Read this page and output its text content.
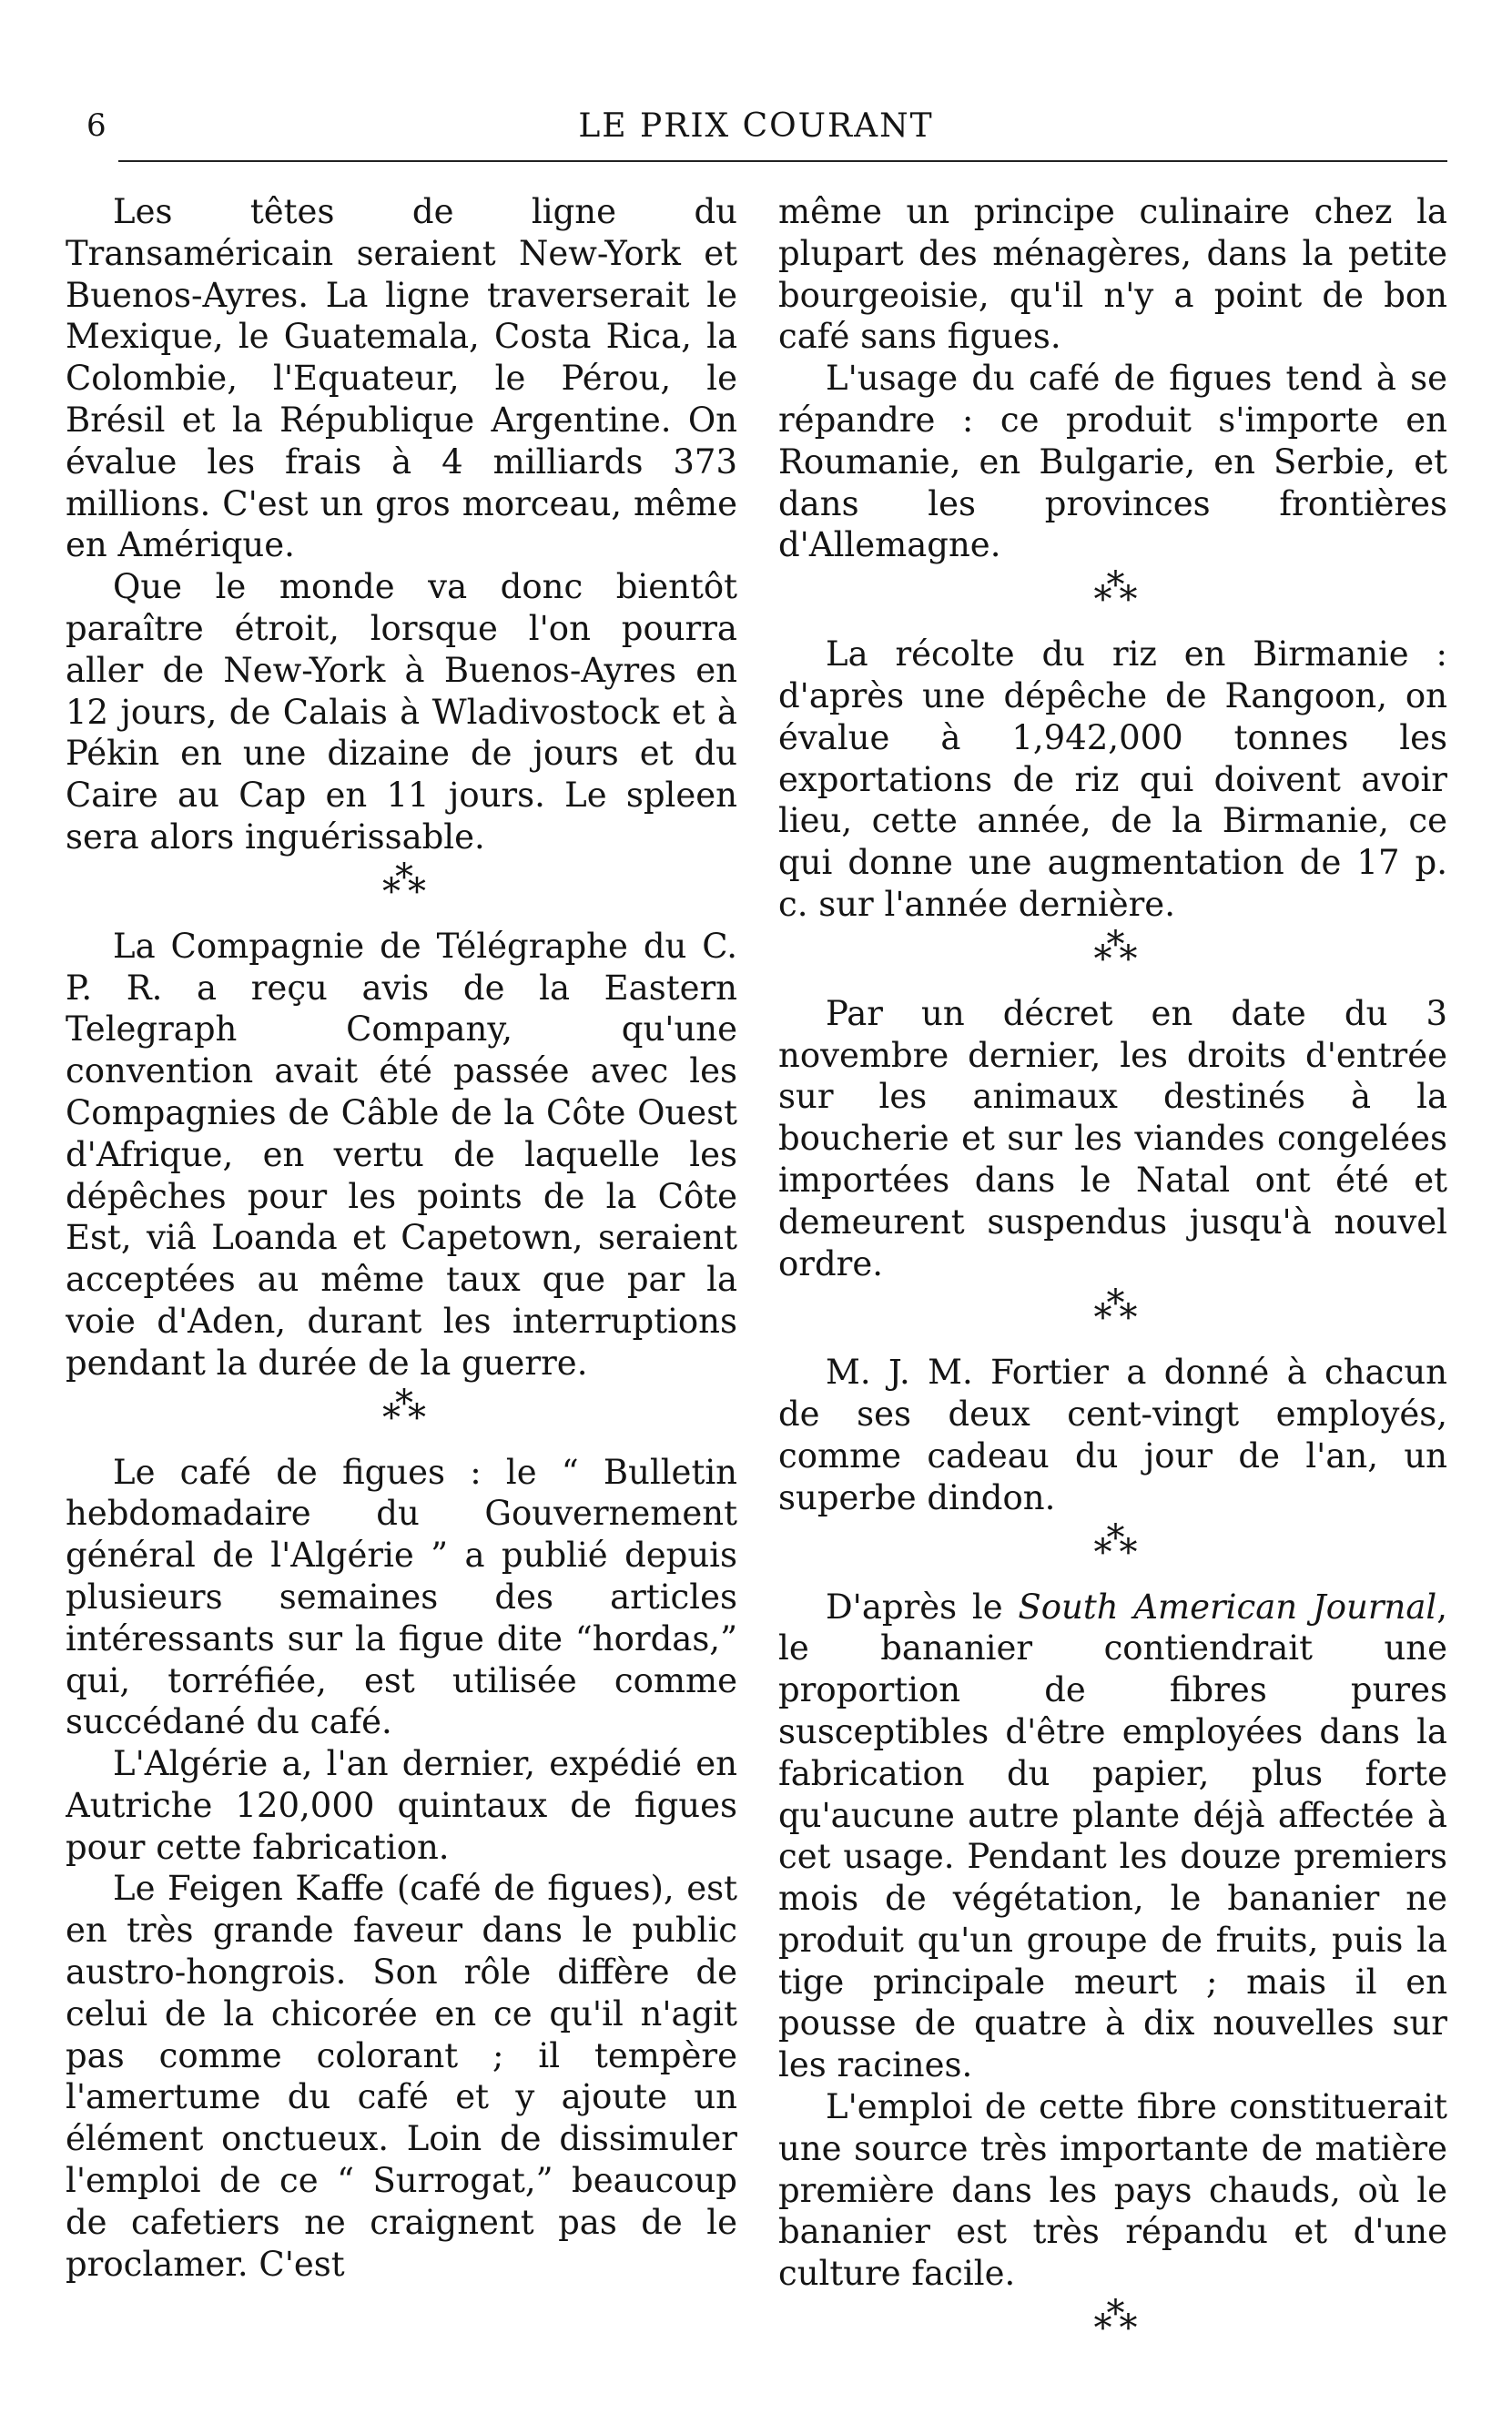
6	LE PRIX COURANT

Les têtes de ligne du Transaméricain seraient New-York et Buenos-Ayres. La ligne traverserait le Mexique, le Guatemala, Costa Rica, la Colombie, l'Equateur, le Pérou, le Brésil et la République Argentine. On évalue les frais à 4 milliards 373 millions. C'est un gros morceau, même en Amérique.

Que le monde va donc bientôt paraître étroit, lorsque l'on pourra aller de New-York à Buenos-Ayres en 12 jours, de Calais à Wladivostock et à Pékin en une dizaine de jours et du Caire au Cap en 11 jours. Le spleen sera alors inguérissable.

***

La Compagnie de Télégraphe du C. P. R. a reçu avis de la Eastern Telegraph Company, qu'une convention avait été passée avec les Compagnies de Câble de la Côte Ouest d'Afrique, en vertu de laquelle les dépêches pour les points de la Côte Est, viâ Loanda et Capetown, seraient acceptées au même taux que par la voie d'Aden, durant les interruptions pendant la durée de la guerre.

***

Le café de figues : le “ Bulletin hebdomadaire du Gouvernement général de l'Algérie ” a publié depuis plusieurs semaines des articles intéressants sur la figue dite “hordas,” qui, torréfiée, est utilisée comme succédané du café.

L'Algérie a, l'an dernier, expédié en Autriche 120,000 quintaux de figues pour cette fabrication.

Le Feigen Kaffe (café de figues), est en très grande faveur dans le public austro-hongrois. Son rôle diffère de celui de la chicorée en ce qu'il n'agit pas comme colorant ; il tempère l'amertume du café et y ajoute un élément onctueux. Loin de dissimuler l'emploi de ce “ Surrogat,” beaucoup de cafetiers ne craignent pas de le proclamer. C'est

même un principe culinaire chez la plupart des ménagères, dans la petite bourgeoisie, qu'il n'y a point de bon café sans figues.

L'usage du café de figues tend à se répandre : ce produit s'importe en Roumanie, en Bulgarie, en Serbie, et dans les provinces frontières d'Allemagne.

***

La récolte du riz en Birmanie : d'après une dépêche de Rangoon, on évalue à 1,942,000 tonnes les exportations de riz qui doivent avoir lieu, cette année, de la Birmanie, ce qui donne une augmentation de 17 p. c. sur l'année dernière.

***

Par un décret en date du 3 novembre dernier, les droits d'entrée sur les animaux destinés à la boucherie et sur les viandes congelées importées dans le Natal ont été et demeurent suspendus jusqu'à nouvel ordre.

***

M. J. M. Fortier a donné à chacun de ses deux cent-vingt employés, comme cadeau du jour de l'an, un superbe dindon.

***

D'après le South American Journal, le bananier contiendrait une proportion de fibres pures susceptibles d'être employées dans la fabrication du papier, plus forte qu'aucune autre plante déjà affectée à cet usage. Pendant les douze premiers mois de végétation, le bananier ne produit qu'un groupe de fruits, puis la tige principale meurt ; mais il en pousse de quatre à dix nouvelles sur les racines.

L'emploi de cette fibre constituerait une source très importante de matière première dans les pays chauds, où le bananier est très répandu et d'une culture facile.

***
